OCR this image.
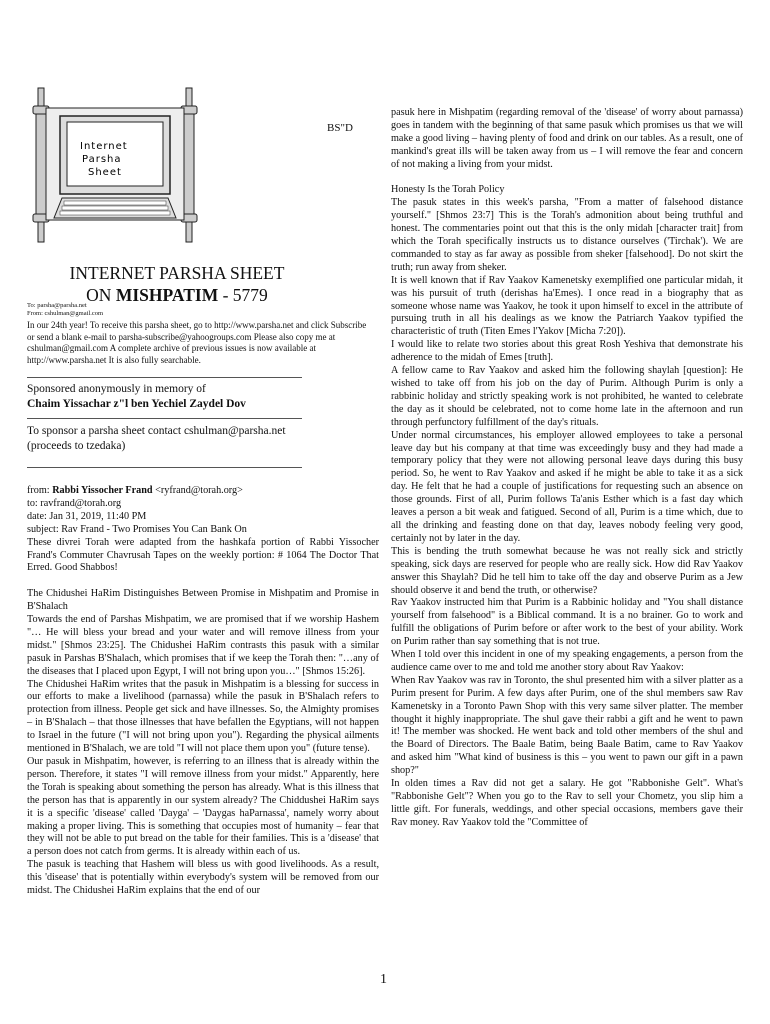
Internet
Parsha
Sheet
BS"D
INTERNET PARSHA SHEET
ON MISHPATIM - 5779
To: parsha@parsha.net
From: cshulman@gmail.com
In our 24th year! To receive this parsha sheet, go to http://www.parsha.net and click Subscribe or send a blank e-mail to parsha-subscribe@yahoogroups.com Please also copy me at cshulman@gmail.com A complete archive of previous issues is now available at http://www.parsha.net It is also fully searchable.
Sponsored anonymously in memory of
Chaim Yissachar z"l ben Yechiel Zaydel Dov
To sponsor a parsha sheet contact cshulman@parsha.net
(proceeds to tzedaka)

from: Rabbi Yissocher Frand <ryfrand@torah.org>

to: ravfrand@torah.org

date: Jan 31, 2019, 11:40 PM

subject: Rav Frand - Two Promises You Can Bank On

These divrei Torah were adapted from the hashkafa portion of Rabbi Yissocher Frand's Commuter Chavrusah Tapes on the weekly portion: # 1064 The Doctor That Erred. Good Shabbos!

The Chidushei HaRim Distinguishes Between Promise in Mishpatim and Promise in B'Shalach

Towards the end of Parshas Mishpatim, we are promised that if we worship Hashem "… He will bless your bread and your water and will remove illness from your midst." [Shmos 23:25]. The Chidushei HaRim contrasts this pasuk with a similar pasuk in Parshas B'Shalach, which promises that if we keep the Torah then: "…any of the diseases that I placed upon Egypt, I will not bring upon you…" [Shmos 15:26].

The Chidushei HaRim writes that the pasuk in Mishpatim is a blessing for success in our efforts to make a livelihood (parnassa) while the pasuk in B'Shalach refers to protection from illness. People get sick and have illnesses. So, the Almighty promises – in B'Shalach – that those illnesses that have befallen the Egyptians, will not happen to Israel in the future ("I will not bring upon you"). Regarding the physical ailments mentioned in B'Shalach, we are told "I will not place them upon you" (future tense).

Our pasuk in Mishpatim, however, is referring to an illness that is already within the person. Therefore, it states "I will remove illness from your midst." Apparently, here the Torah is speaking about something the person has already. What is this illness that the person has that is apparently in our system already? The Chiddushei HaRim says it is a specific 'disease' called 'Dayga' – 'Daygas haParnassa', namely worry about making a proper living. This is something that occupies most of humanity – fear that they will not be able to put bread on the table for their families. This is a 'disease' that a person does not catch from germs. It is already within each of us.

The pasuk is teaching that Hashem will bless us with good livelihoods. As a result, this 'disease' that is potentially within everybody's system will be removed from our midst. The Chidushei HaRim explains that the end of our

pasuk here in Mishpatim (regarding removal of the 'disease' of worry about parnassa) goes in tandem with the beginning of that same pasuk which promises us that we will make a good living – having plenty of food and drink on our tables. As a result, one of mankind's great ills will be taken away from us – I will remove the fear and concern of not making a living from your midst.

Honesty Is the Torah Policy

The pasuk states in this week's parsha, "From a matter of falsehood distance yourself." [Shmos 23:7] This is the Torah's admonition about being truthful and honest. The commentaries point out that this is the only midah [character trait] from which the Torah specifically instructs us to distance ourselves ('Tirchak'). We are commanded to stay as far away as possible from sheker [falsehood]. Do not skirt the truth; run away from sheker.

It is well known that if Rav Yaakov Kamenetsky exemplified one particular midah, it was his pursuit of truth (derishas ha'Emes). I once read in a biography that as someone whose name was Yaakov, he took it upon himself to excel in the attribute of pursuing truth in all his dealings as we know the Patriarch Yaakov typified the characteristic of truth (Titen Emes l'Yakov [Micha 7:20]).

I would like to relate two stories about this great Rosh Yeshiva that demonstrate his adherence to the midah of Emes [truth].

A fellow came to Rav Yaakov and asked him the following shaylah [question]: He wished to take off from his job on the day of Purim. Although Purim is only a rabbinic holiday and strictly speaking work is not prohibited, he wanted to celebrate the day as it should be celebrated, not to come home late in the afternoon and run through perfunctory fulfillment of the day's rituals.

Under normal circumstances, his employer allowed employees to take a personal leave day but his company at that time was exceedingly busy and they had made a temporary policy that they were not allowing personal leave days during this busy period. So, he went to Rav Yaakov and asked if he might be able to take it as a sick day. He felt that he had a couple of justifications for requesting such an absence on those grounds. First of all, Purim follows Ta'anis Esther which is a fast day which leaves a person a bit weak and fatigued. Second of all, Purim is a time which, due to all the drinking and feasting done on that day, leaves nobody feeling very good, certainly not by later in the day.

This is bending the truth somewhat because he was not really sick and strictly speaking, sick days are reserved for people who are really sick. How did Rav Yaakov answer this Shaylah? Did he tell him to take off the day and observe Purim as a Jew should observe it and bend the truth, or otherwise?

Rav Yaakov instructed him that Purim is a Rabbinic holiday and "You shall distance yourself from falsehood" is a Biblical command. It is a no brainer. Go to work and fulfill the obligations of Purim before or after work to the best of your ability. Work on Purim rather than say something that is not true.

When I told over this incident in one of my speaking engagements, a person from the audience came over to me and told me another story about Rav Yaakov:

When Rav Yaakov was rav in Toronto, the shul presented him with a silver platter as a Purim present for Purim. A few days after Purim, one of the shul members saw Rav Kamenetsky in a Toronto Pawn Shop with this very same silver platter. The member thought it highly inappropriate. The shul gave their rabbi a gift and he went to pawn it! The member was shocked. He went back and told other members of the shul and the Board of Directors. The Baale Batim, being Baale Batim, came to Rav Yaakov and asked him "What kind of business is this – you went to pawn our gift in a pawn shop?"

In olden times a Rav did not get a salary. He got "Rabbonishe Gelt". What's "Rabbonishe Gelt"? When you go to the Rav to sell your Chometz, you slip him a little gift. For funerals, weddings, and other special occasions, members gave their Rav money. Rav Yaakov told the "Committee of

1
